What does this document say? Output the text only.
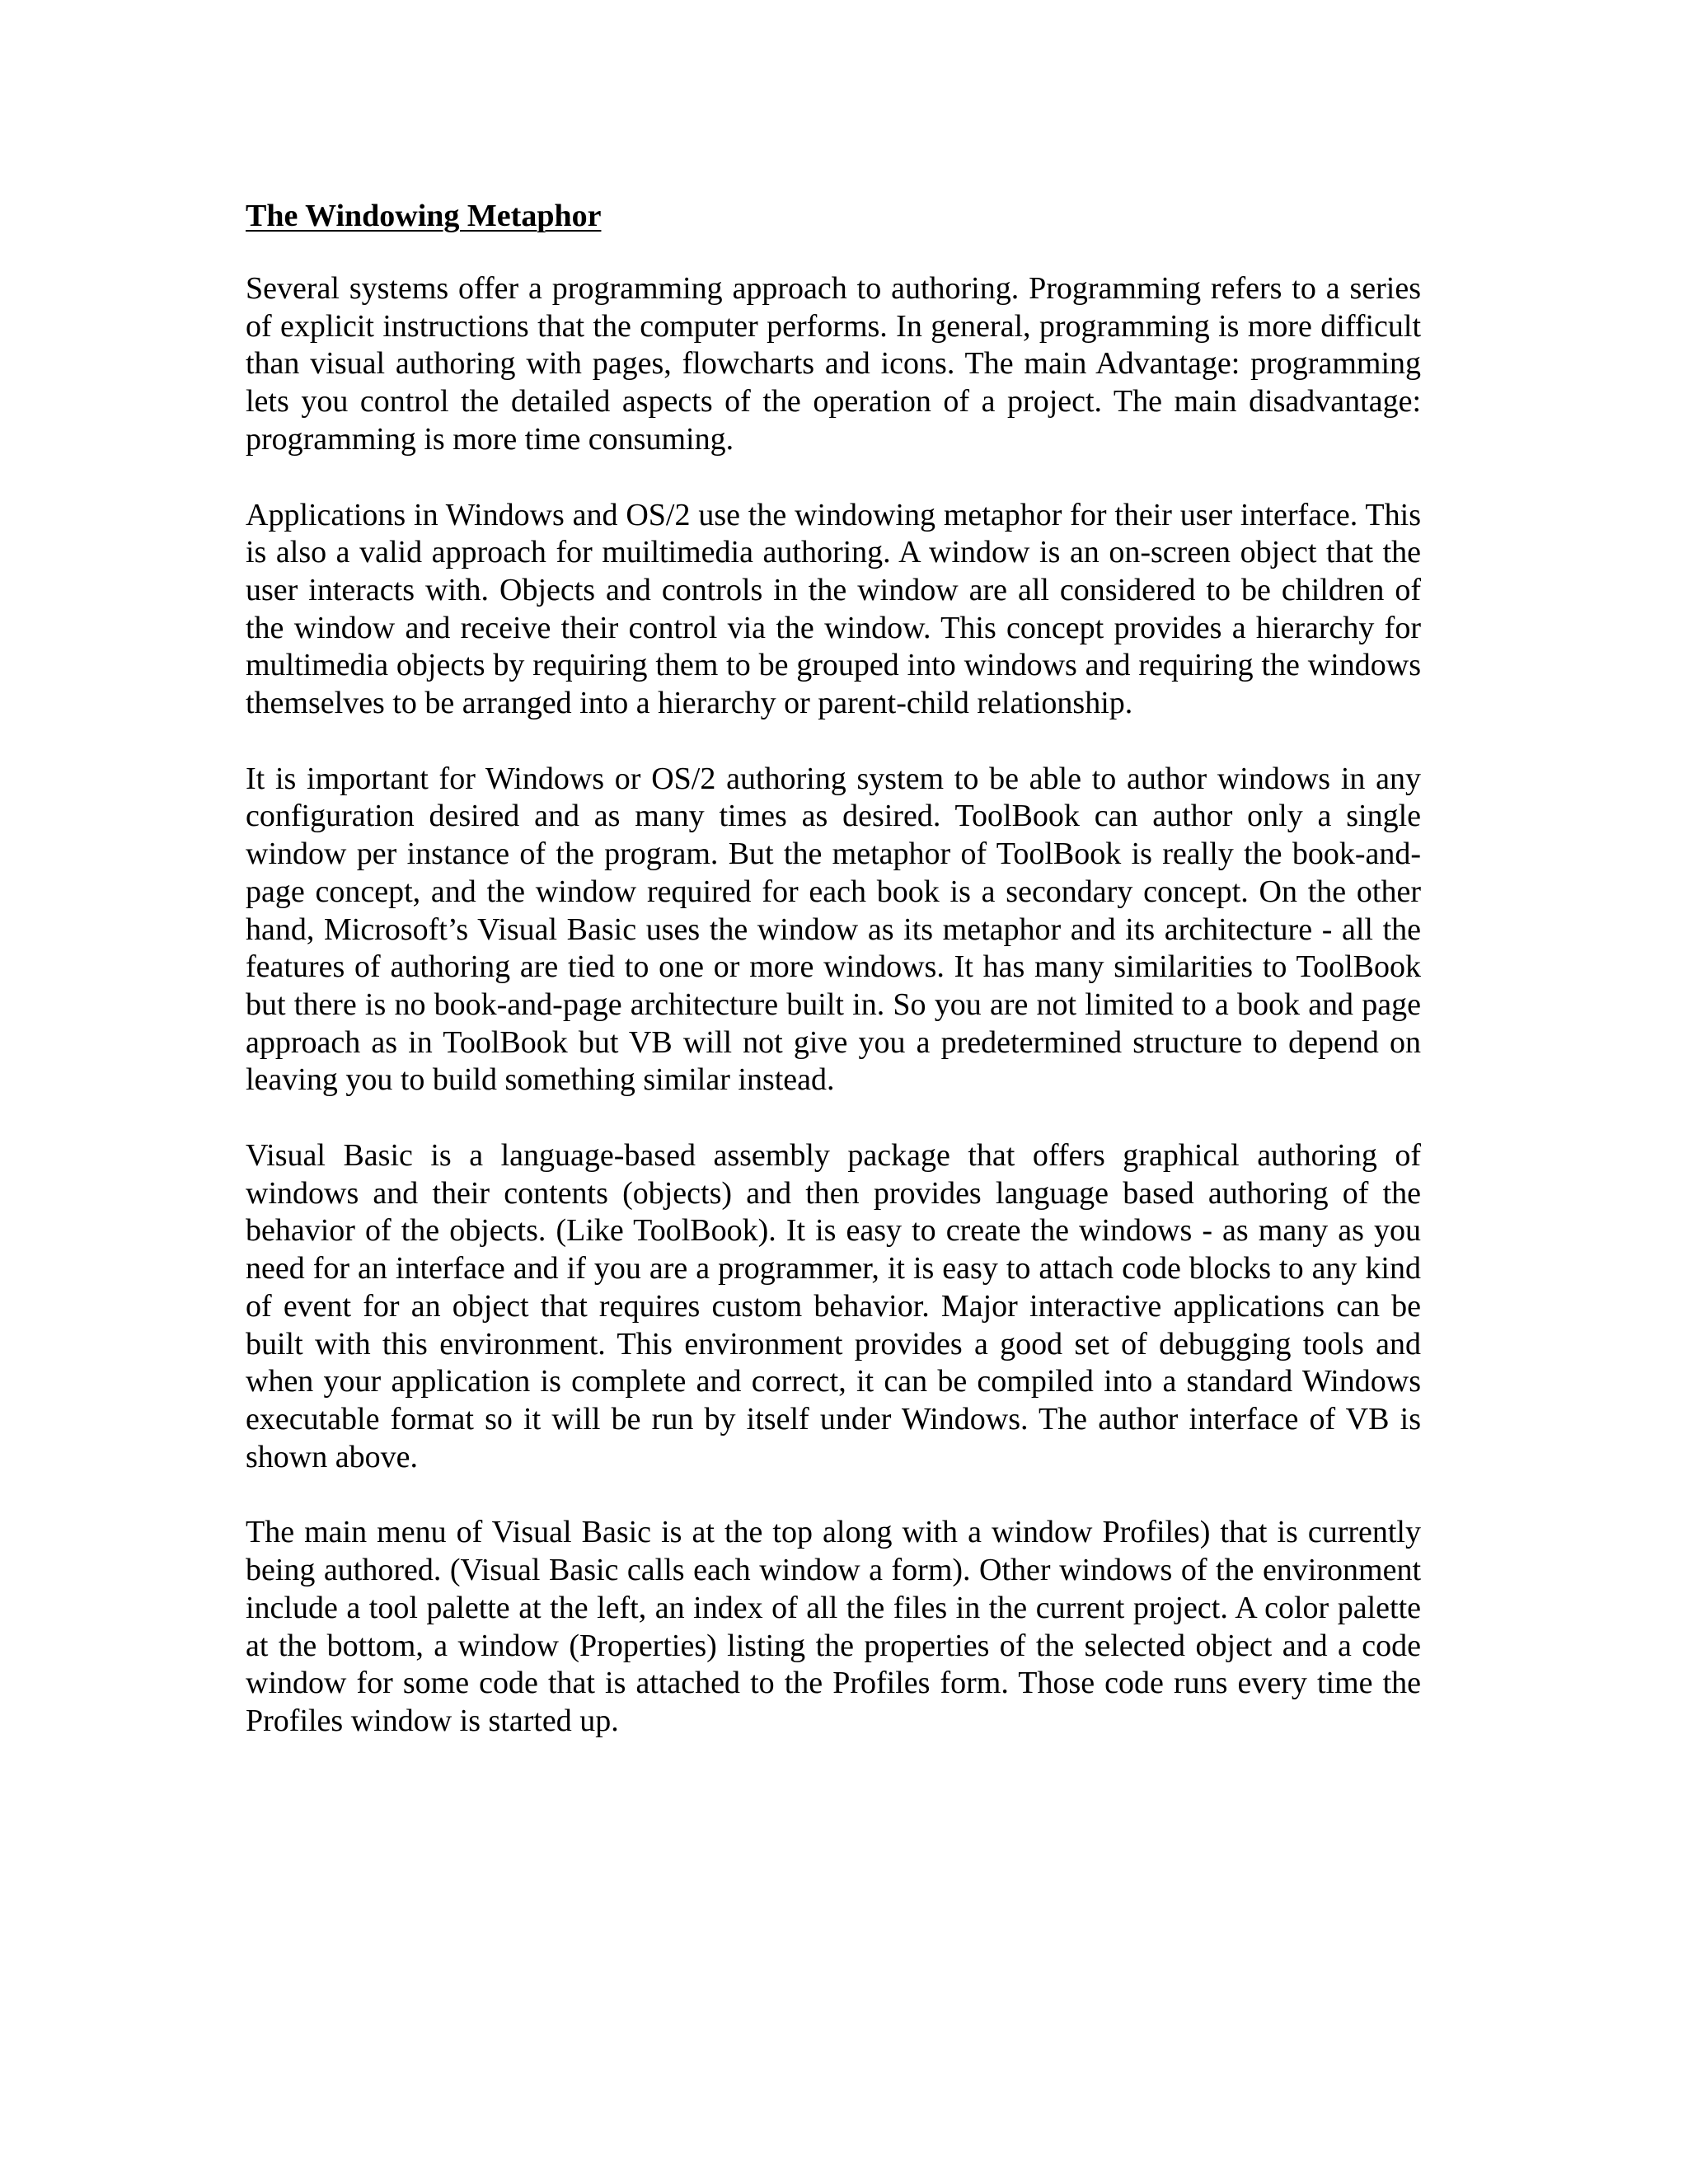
The Windowing Metaphor

Several systems offer a programming approach to authoring. Programming refers to a series of explicit instructions that the computer performs. In general, programming is more difficult than visual authoring with pages, flowcharts and icons. The main Advantage: programming lets you control the detailed aspects of the operation of a project. The main disadvantage: programming is more time consuming.

Applications in Windows and OS/2 use the windowing metaphor for their user interface. This is also a valid approach for muiltimedia authoring. A window is an on-screen object that the user interacts with. Objects and controls in the window are all considered to be children of the window and receive their control via the window. This concept provides a hierarchy for multimedia objects by requiring them to be grouped into windows and requiring the windows themselves to be arranged into a hierarchy or parent-child relationship.

It is important for Windows or OS/2 authoring system to be able to author windows in any configuration desired and as many times as desired. ToolBook can author only a single window per instance of the program. But the metaphor of ToolBook is really the book-and-page concept, and the window required for each book is a secondary concept. On the other hand, Microsoft’s Visual Basic uses the window as its metaphor and its architecture - all the features of authoring are tied to one or more windows. It has many similarities to ToolBook but there is no book-and-page architecture built in. So you are not limited to a book and page approach as in ToolBook but VB will not give you a predetermined structure to depend on leaving you to build something similar instead.

Visual Basic is a language-based assembly package that offers graphical authoring of windows and their contents (objects) and then provides language based authoring of the behavior of the objects. (Like ToolBook). It is easy to create the windows - as many as you need for an interface and if you are a programmer, it is easy to attach code blocks to any kind of event for an object that requires custom behavior. Major interactive applications can be built with this environment. This environment provides a good set of debugging tools and when your application is complete and correct, it can be compiled into a standard Windows executable format so it will be run by itself under Windows. The author interface of VB is shown above.

The main menu of Visual Basic is at the top along with a window Profiles) that is currently being authored. (Visual Basic calls each window a form). Other windows of the environment include a tool palette at the left, an index of all the files in the current project. A color palette at the bottom, a window (Properties) listing the properties of the selected object and a code window for some code that is attached to the Profiles form. Those code runs every time the Profiles window is started up.
